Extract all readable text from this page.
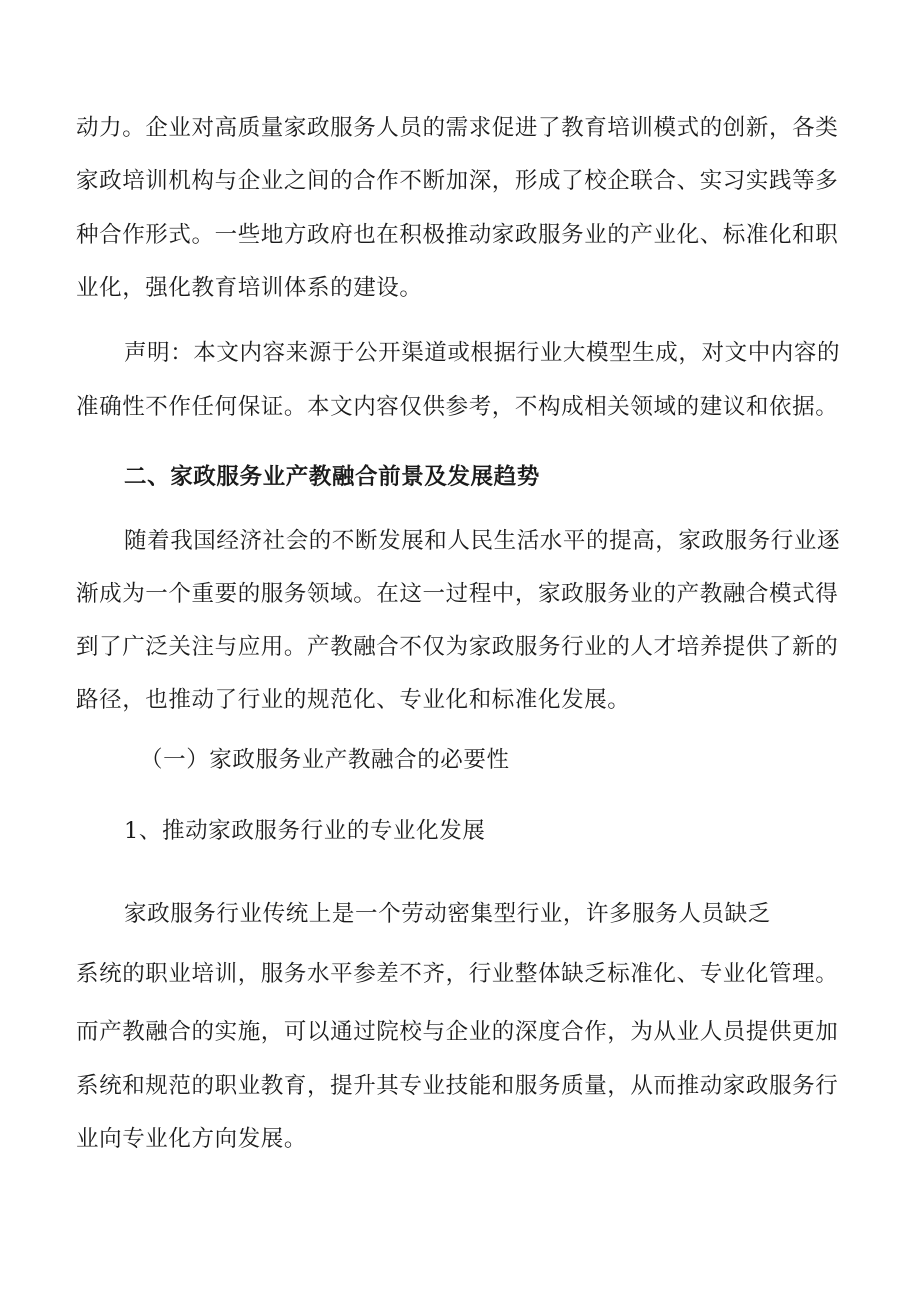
动力。企业对高质量家政服务人员的需求促进了教育培训模式的创新，各类
家政培训机构与企业之间的合作不断加深，形成了校企联合、实习实践等多
种合作形式。一些地方政府也在积极推动家政服务业的产业化、标准化和职
业化，强化教育培训体系的建设。
声明：本文内容来源于公开渠道或根据行业大模型生成，对文中内容的
准确性不作任何保证。本文内容仅供参考，不构成相关领域的建议和依据。
二、家政服务业产教融合前景及发展趋势
随着我国经济社会的不断发展和人民生活水平的提高，家政服务行业逐
渐成为一个重要的服务领域。在这一过程中，家政服务业的产教融合模式得
到了广泛关注与应用。产教融合不仅为家政服务行业的人才培养提供了新的
路径，也推动了行业的规范化、专业化和标准化发展。
（一）家政服务业产教融合的必要性
1、推动家政服务行业的专业化发展
家政服务行业传统上是一个劳动密集型行业，许多服务人员缺乏
系统的职业培训，服务水平参差不齐，行业整体缺乏标准化、专业化管理。
而产教融合的实施，可以通过院校与企业的深度合作，为从业人员提供更加
系统和规范的职业教育，提升其专业技能和服务质量，从而推动家政服务行
业向专业化方向发展。
